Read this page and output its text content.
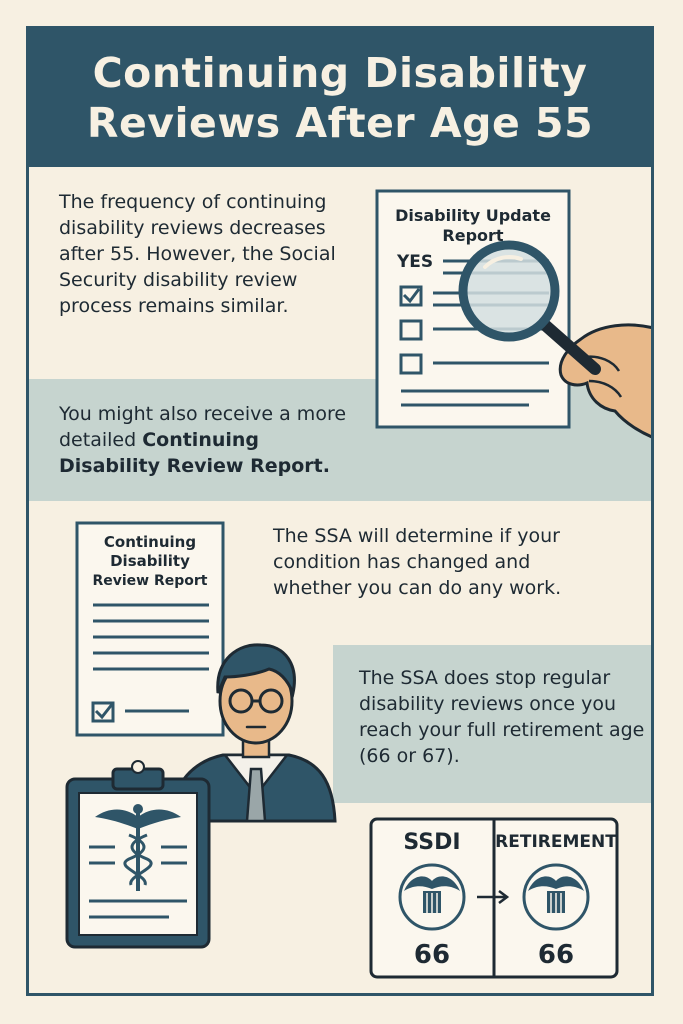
Continuing Disability
Reviews After Age 55
The frequency of continuing disability reviews decreases after 55. However, the Social Security disability review process remains similar.
You might also receive a more detailed Continuing Disability Review Report.
The SSA will determine if your condition has changed and whether you can do any work.
The SSA does stop regular disability reviews once you reach your full retirement age (66 or 67).
Disability Update
Report
YES
Continuing
Disability
Review Report
SSDI RETIREMENT
66	66
